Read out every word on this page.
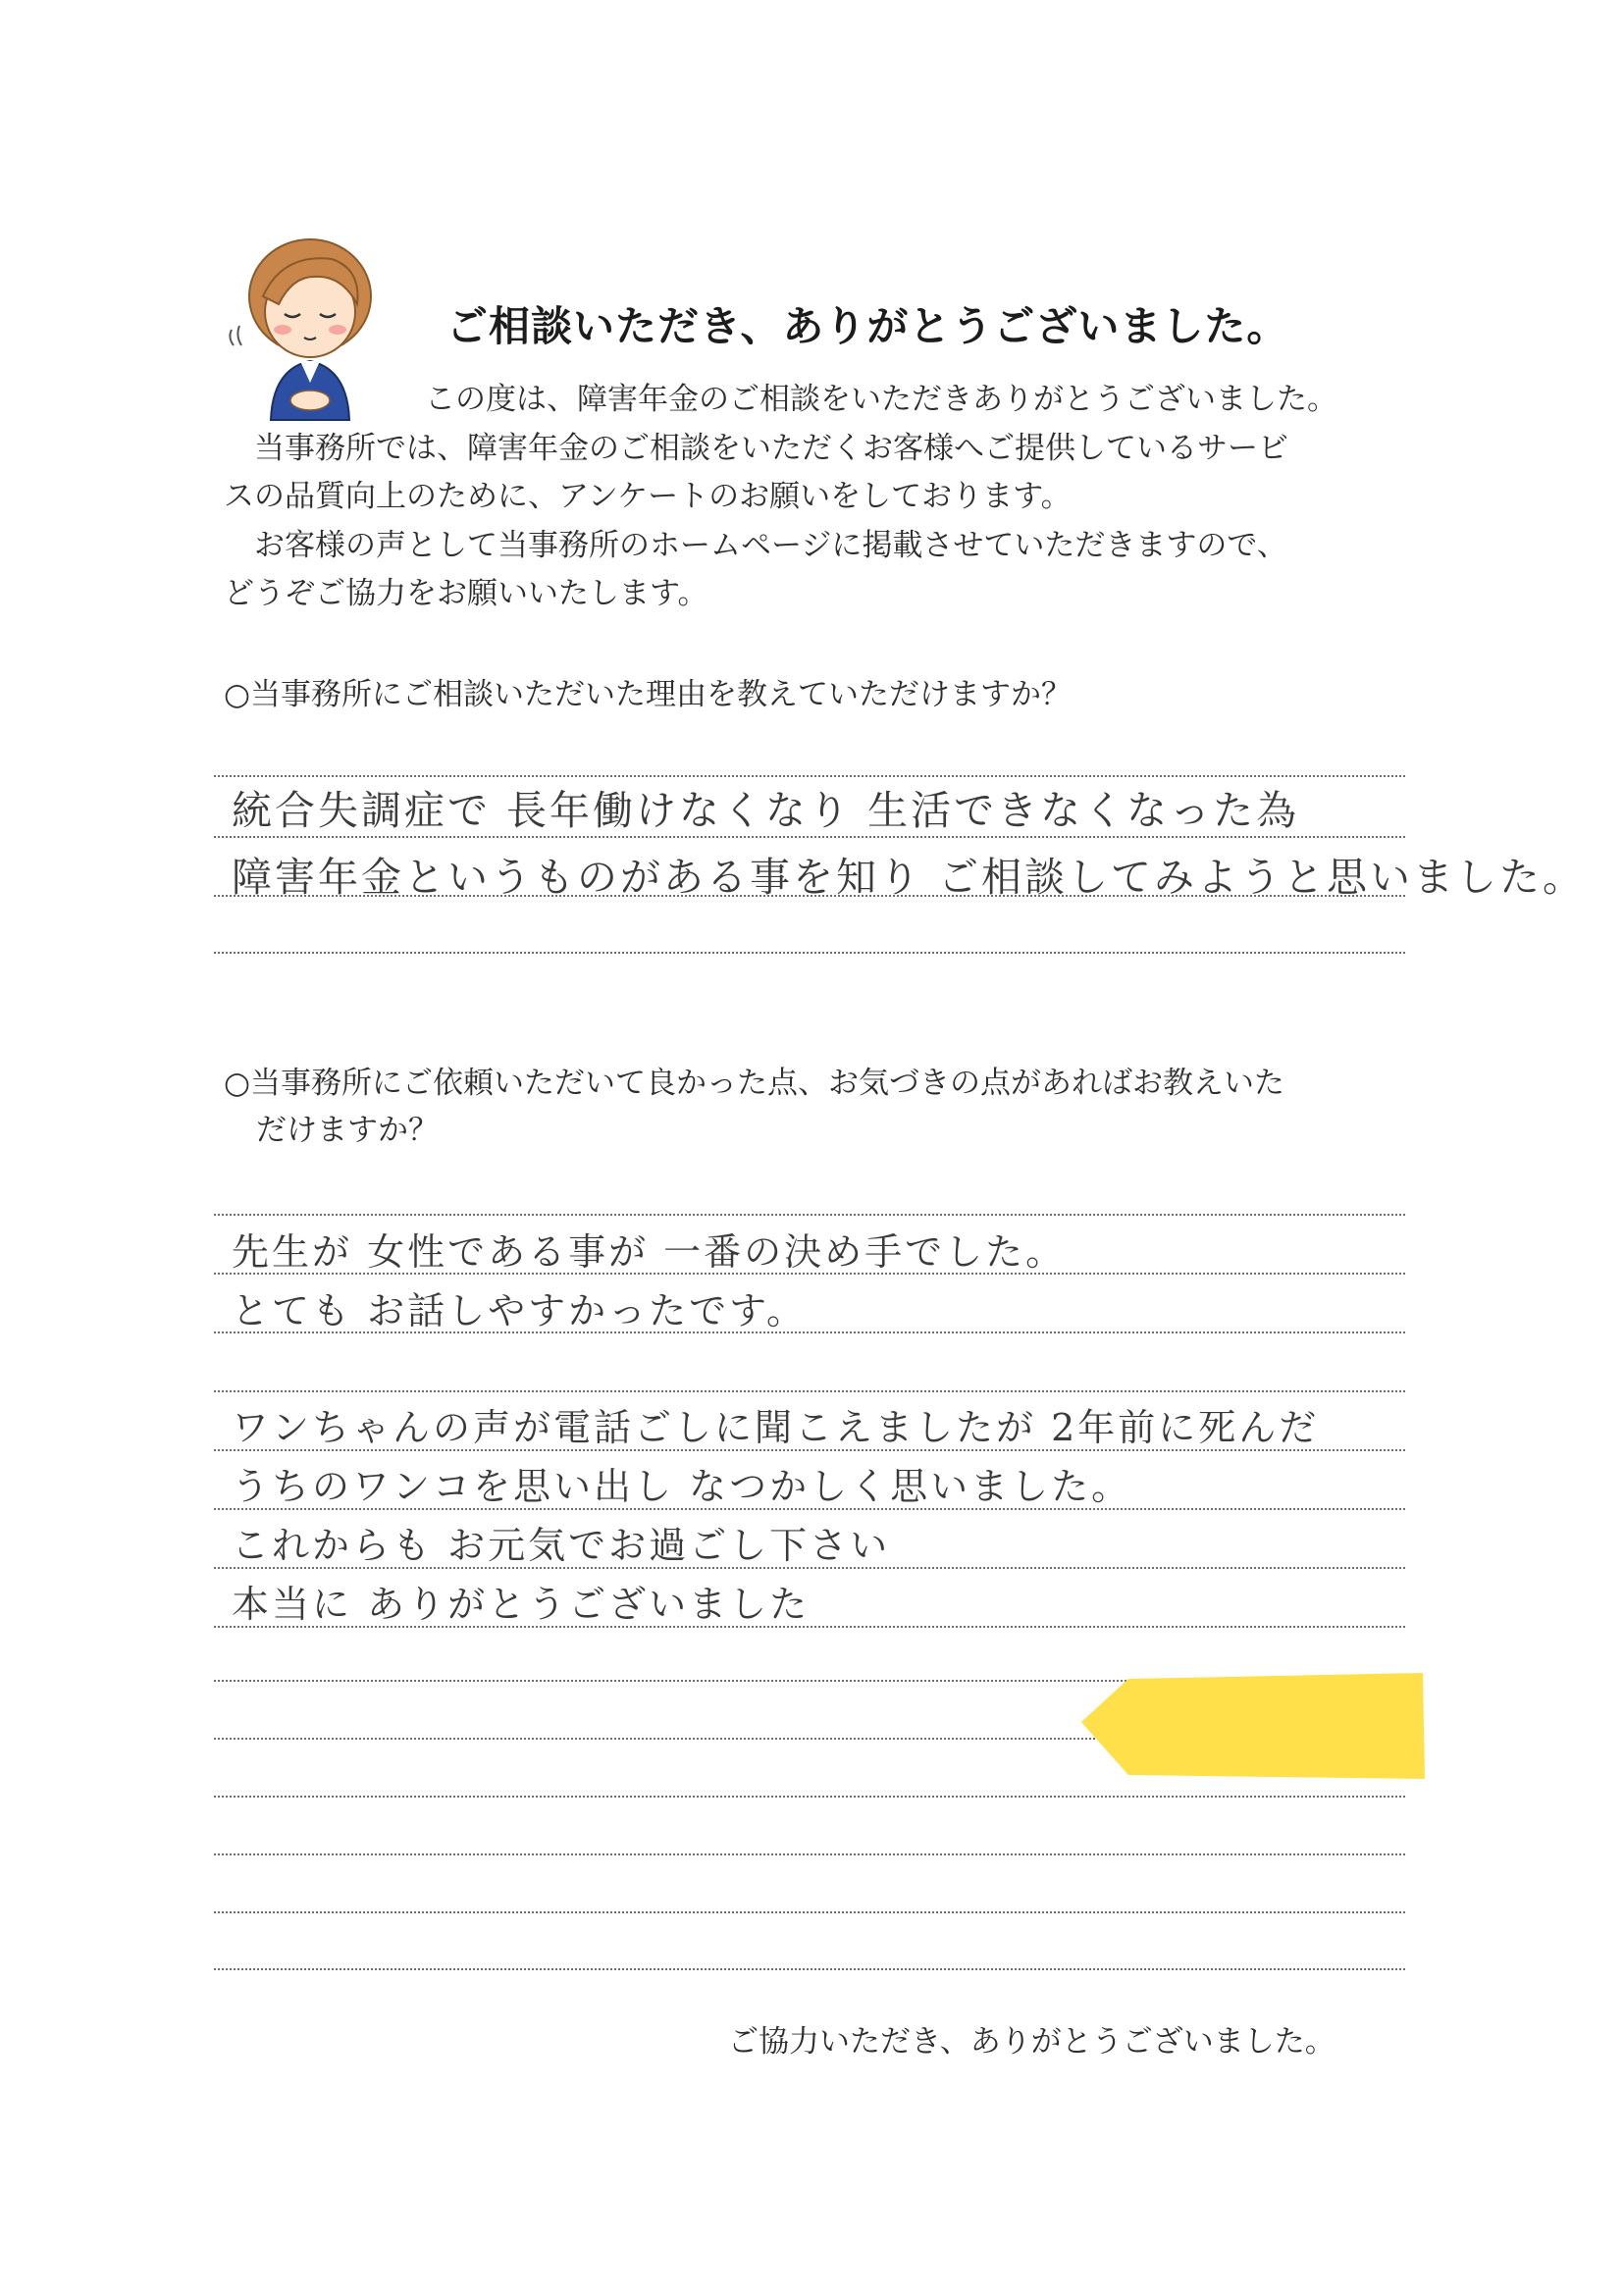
ご相談いただき、ありがとうございました。

この度は、障害年金のご相談をいただきありがとうございました。

当事務所では、障害年金のご相談をいただくお客様へご提供しているサービ

スの品質向上のために、アンケートのお願いをしております。

お客様の声として当事務所のホームページに掲載させていただきますので、

どうぞご協力をお願いいたします。

○当事務所にご相談いただいた理由を教えていただけますか？
統合失調症で 長年働けなくなり 生活できなくなった為
障害年金というものがある事を知り ご相談してみようと思いました。
○当事務所にご依頼いただいて良かった点、お気づきの点があればお教えいた
だけますか？
先生が 女性である事が 一番の決め手でした。
とても お話しやすかったです。
ワンちゃんの声が電話ごしに聞こえましたが 2年前に死んだ
うちのワンコを思い出し なつかしく思いました。
これからも お元気でお過ごし下さい
本当に ありがとうございました
ご協力いただき、ありがとうございました。
